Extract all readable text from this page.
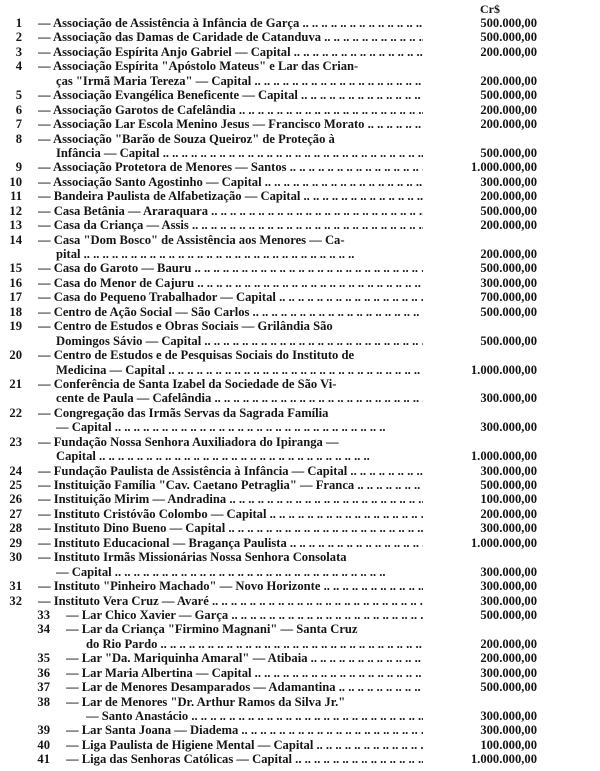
Cr$
1 — Associação de Assistência à Infância de Garça .. ..	500.000,00
2 — Associação das Damas de Caridade de Catanduva .. ..	500.000,00
3 — Associação Espírita Anjo Gabriel — Capital .. ..	200.000,00
4 — Associação Espírita "Apóstolo Mateus" e Lar das Crian-
ças "Irmã Maria Tereza" — Capital .. ..	200.000,00
5 — Associação Evangélica Beneficente — Capital .. ..	500.000,00
6 — Associação Garotos de Cafelândia .. ..	200.000,00
7 — Associação Lar Escola Menino Jesus — Francisco Morato .. ..	200.000,00
8 — Associação "Barão de Souza Queiroz" de Proteção à
Infância — Capital .. ..	500.000,00
9 — Associação Protetora de Menores — Santos .. ..	1.000.000,00
10 — Associação Santo Agostinho — Capital .. ..	300.000,00
11 — Bandeira Paulista de Alfabetização — Capital .. ..	200.000,00
12 — Casa Betânia — Araraquara .. ..	500.000,00
13 — Casa da Criança — Assis .. ..	200.000,00
14 — Casa "Dom Bosco" de Assistência aos Menores — Ca-
pital .. ..	200.000,00
15 — Casa do Garoto — Bauru .. ..	500.000,00
16 — Casa do Menor de Cajuru .. ..	300.000,00
17 — Casa do Pequeno Trabalhador — Capital .. ..	700.000,00
18 — Centro de Ação Social — São Carlos .. ..	500.000,00
19 — Centro de Estudos e Obras Sociais — Grilândia São
Domingos Sávio — Capital .. ..	500.000,00
20 — Centro de Estudos e de Pesquisas Sociais do Instituto de
Medicina — Capital .. ..	1.000.000,00
21 — Conferência de Santa Izabel da Sociedade de São Vi-
cente de Paula — Cafelândia .. ..	300.000,00
22 — Congregação das Irmãs Servas da Sagrada Família
— Capital .. ..	300.000,00
23 — Fundação Nossa Senhora Auxiliadora do Ipiranga —
Capital .. ..	1.000.000,00
24 — Fundação Paulista de Assistência à Infância — Capital .. ..	300.000,00
25 — Instituição Família "Cav. Caetano Petraglia" — Franca .. ..	500.000,00
26 — Instituição Mirim — Andradina .. ..	100.000,00
27 — Instituto Cristóvão Colombo — Capital .. ..	200.000,00
28 — Instituto Dino Bueno — Capital .. ..	300.000,00
29 — Instituto Educacional — Bragança Paulista .. ..	1.000.000,00
30 — Instituto Irmãs Missionárias Nossa Senhora Consolata
— Capital .. ..	300.000,00
31 — Instituto "Pinheiro Machado" — Novo Horizonte .. ..	300.000,00
32 — Instituto Vera Cruz — Avaré .. ..	300.000,00
33 — Lar Chico Xavier — Garça .. ..	500.000,00
34 — Lar da Criança "Firmino Magnani" — Santa Cruz
do Rio Pardo .. ..	200.000,00
35 — Lar "Da. Mariquinha Amaral" — Atibaia .. ..	200.000,00
36 — Lar Maria Albertina — Capital .. ..	300.000,00
37 — Lar de Menores Desamparados — Adamantina .. ..	500.000,00
38 — Lar de Menores "Dr. Arthur Ramos da Silva Jr."
— Santo Anastácio .. ..	300.000,00
39 — Lar Santa Joana — Diadema .. ..	300.000,00
40 — Liga Paulista de Higiene Mental — Capital .. ..	100.000,00
41 — Liga das Senhoras Católicas — Capital .. ..	1.000.000,00
